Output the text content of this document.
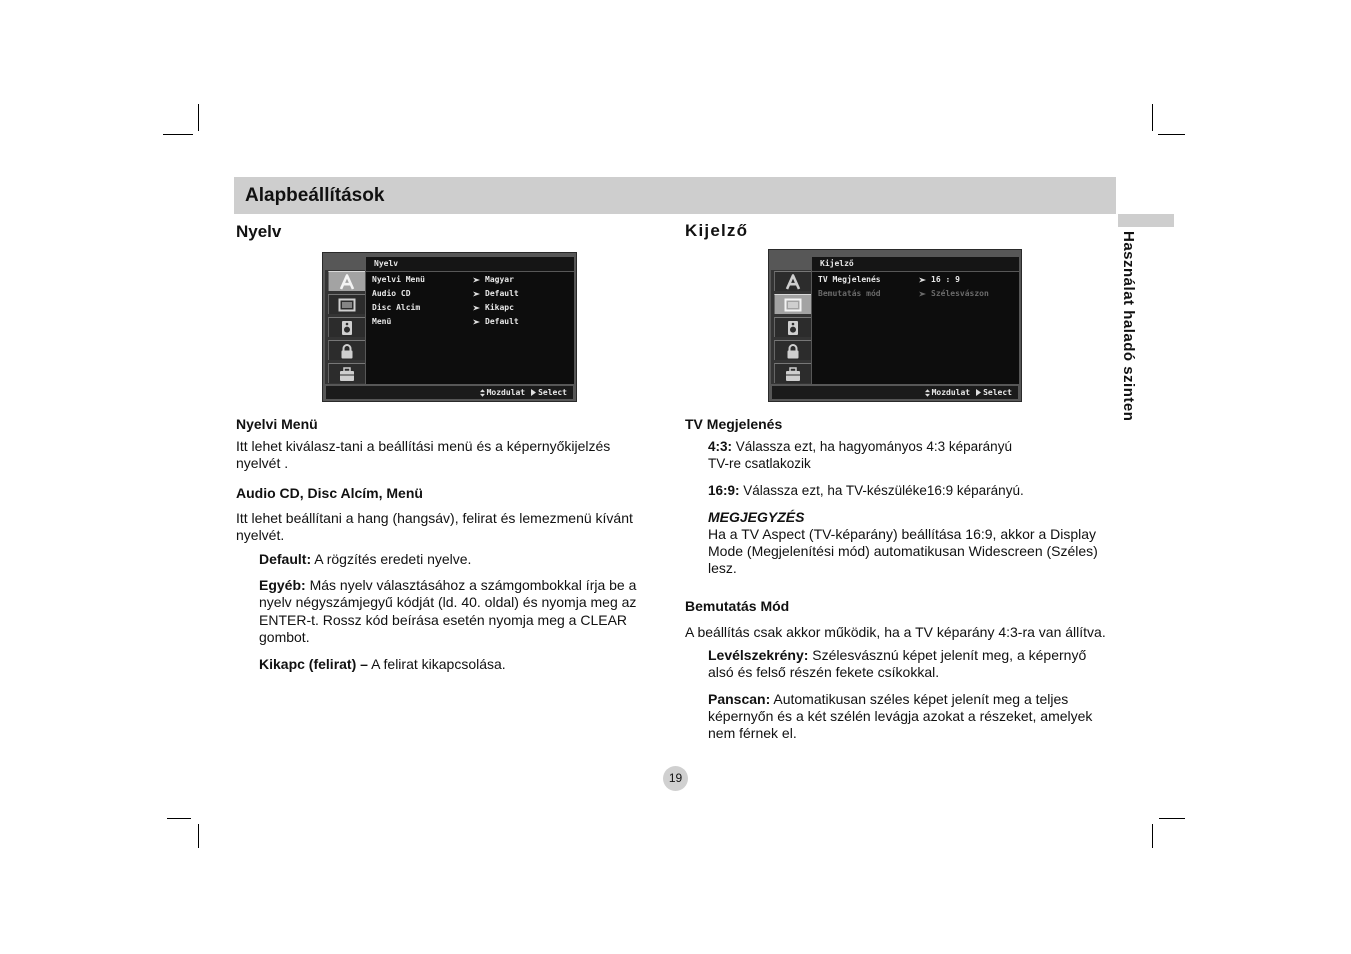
Alapbeállítások
Használat haladó szinten
Nyelv
Nyelv
Nyelvi Menü	Magyar
Audio CD	Default
Disc Alcim	Kikapc
Menü	Default
Mozdulat Select
Nyelvi Menü
Itt lehet kiválasz-tani a beállítási menü és a képernyőkijelzés
nyelvét .
Audio CD, Disc Alcím, Menü
Itt lehet beállítani a hang (hangsáv), felirat és lemezmenü kívánt
nyelvét.
Default: A rögzítés eredeti nyelve.
Egyéb: Más nyelv választásához a számgombokkal írja be a
nyelv négyszámjegyű kódját (ld. 40. oldal) és nyomja meg az
ENTER-t. Rossz kód beírása esetén nyomja meg a CLEAR
gombot.
Kikapc (felirat) – A felirat kikapcsolása.
Kijelző
Kijelző
TV Megjelenés	16 : 9
Bemutatás mód	Szélesvászon
Mozdulat Select
TV Megjelenés
4:3: Válassza ezt, ha hagyományos 4:3 képarányú
TV-re csatlakozik
16:9: Válassza ezt, ha TV-készüléke16:9 képarányú.
MEGJEGYZÉS
Ha a TV Aspect (TV-képarány) beállítása 16:9, akkor a Display
Mode (Megjelenítési mód) automatikusan Widescreen (Széles)
lesz.
Bemutatás Mód
A beállítás csak akkor működik, ha a TV képarány 4:3-ra van állítva.
Levélszekrény: Szélesvásznú képet jelenít meg, a képernyő
alsó és felső részén fekete csíkokkal.
Panscan: Automatikusan széles képet jelenít meg a teljes
képernyőn és a két szélén levágja azokat a részeket, amelyek
nem férnek el.
19
